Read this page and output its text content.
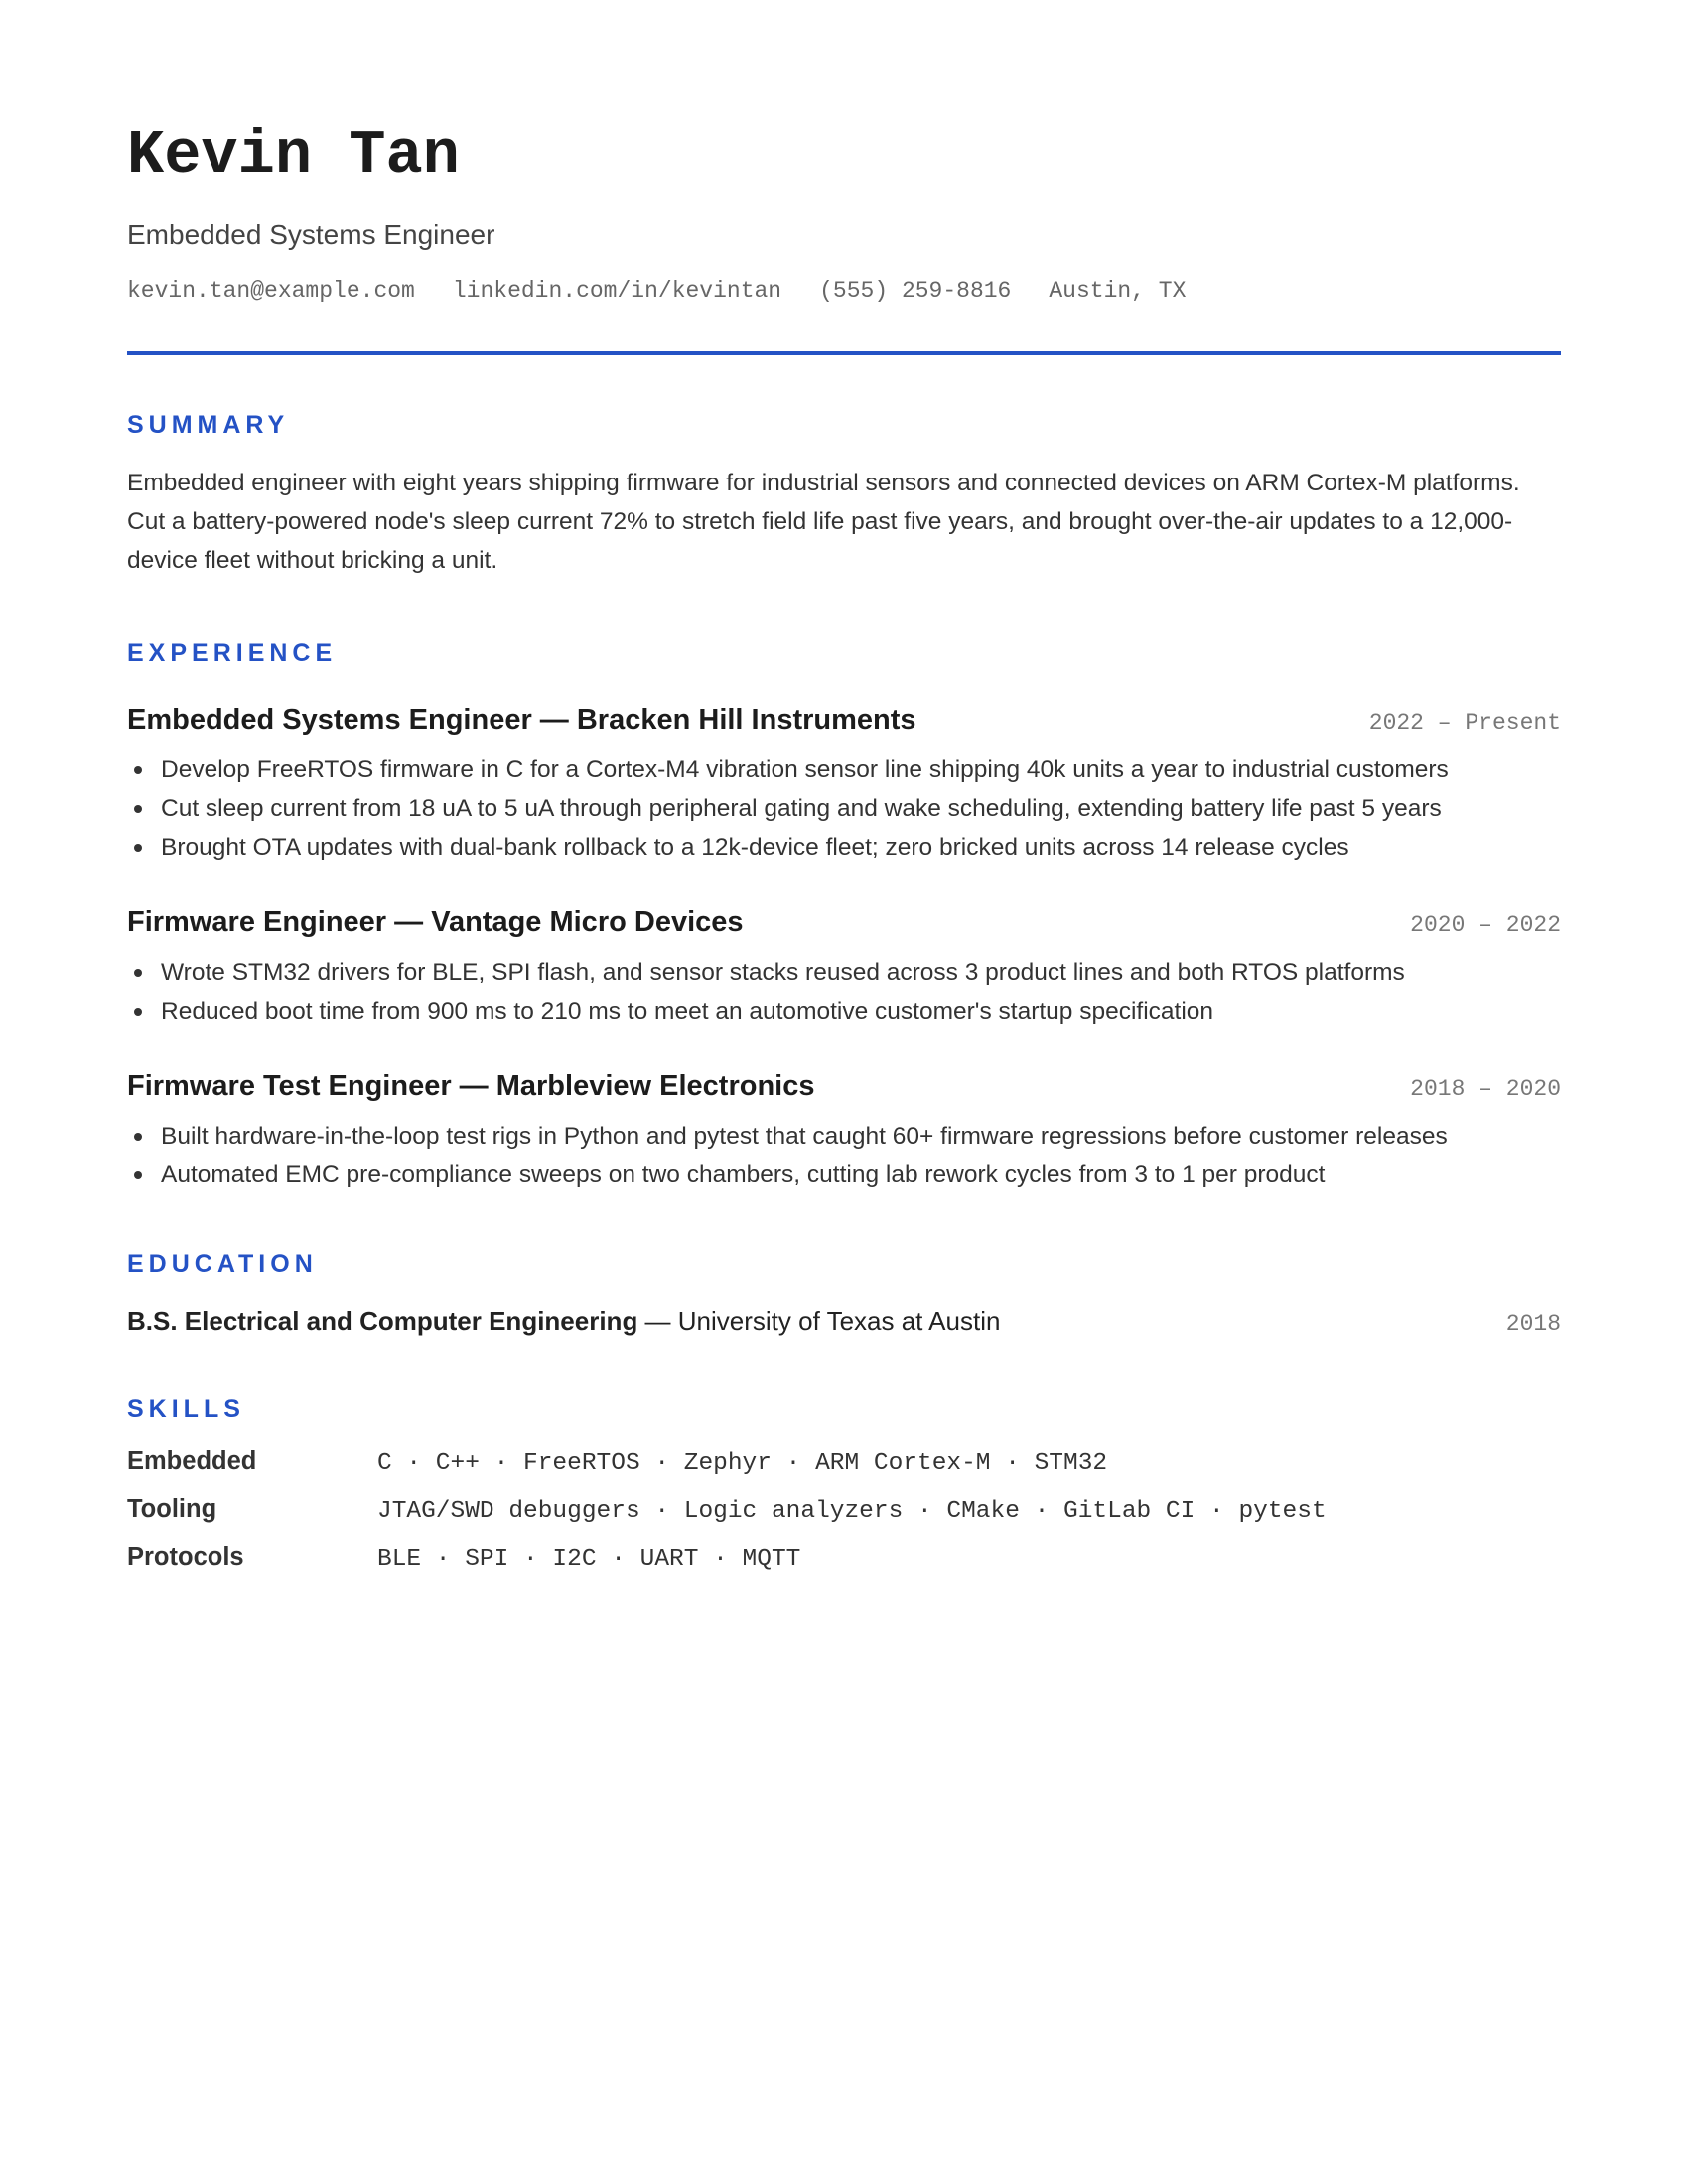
Kevin Tan
Embedded Systems Engineer
kevin.tan@example.com linkedin.com/in/kevintan (555) 259-8816 Austin, TX
SUMMARY

Embedded engineer with eight years shipping firmware for industrial sensors and connected devices on ARM Cortex-M platforms. Cut a battery-powered node's sleep current 72% to stretch field life past five years, and brought over-the-air updates to a 12,000-device fleet without bricking a unit.

EXPERIENCE
Embedded Systems Engineer — Bracken Hill Instruments	2022 – Present
Develop FreeRTOS firmware in C for a Cortex-M4 vibration sensor line shipping 40k units a year to industrial customers
Cut sleep current from 18 uA to 5 uA through peripheral gating and wake scheduling, extending battery life past 5 years
Brought OTA updates with dual-bank rollback to a 12k-device fleet; zero bricked units across 14 release cycles
Firmware Engineer — Vantage Micro Devices	2020 – 2022
Wrote STM32 drivers for BLE, SPI flash, and sensor stacks reused across 3 product lines and both RTOS platforms
Reduced boot time from 900 ms to 210 ms to meet an automotive customer's startup specification
Firmware Test Engineer — Marbleview Electronics	2018 – 2020
Built hardware-in-the-loop test rigs in Python and pytest that caught 60+ firmware regressions before customer releases
Automated EMC pre-compliance sweeps on two chambers, cutting lab rework cycles from 3 to 1 per product
EDUCATION
B.S. Electrical and Computer Engineering — University of Texas at Austin	2018
SKILLS
Embedded	C · C++ · FreeRTOS · Zephyr · ARM Cortex-M · STM32
Tooling	JTAG/SWD debuggers · Logic analyzers · CMake · GitLab CI · pytest
Protocols	BLE · SPI · I2C · UART · MQTT
